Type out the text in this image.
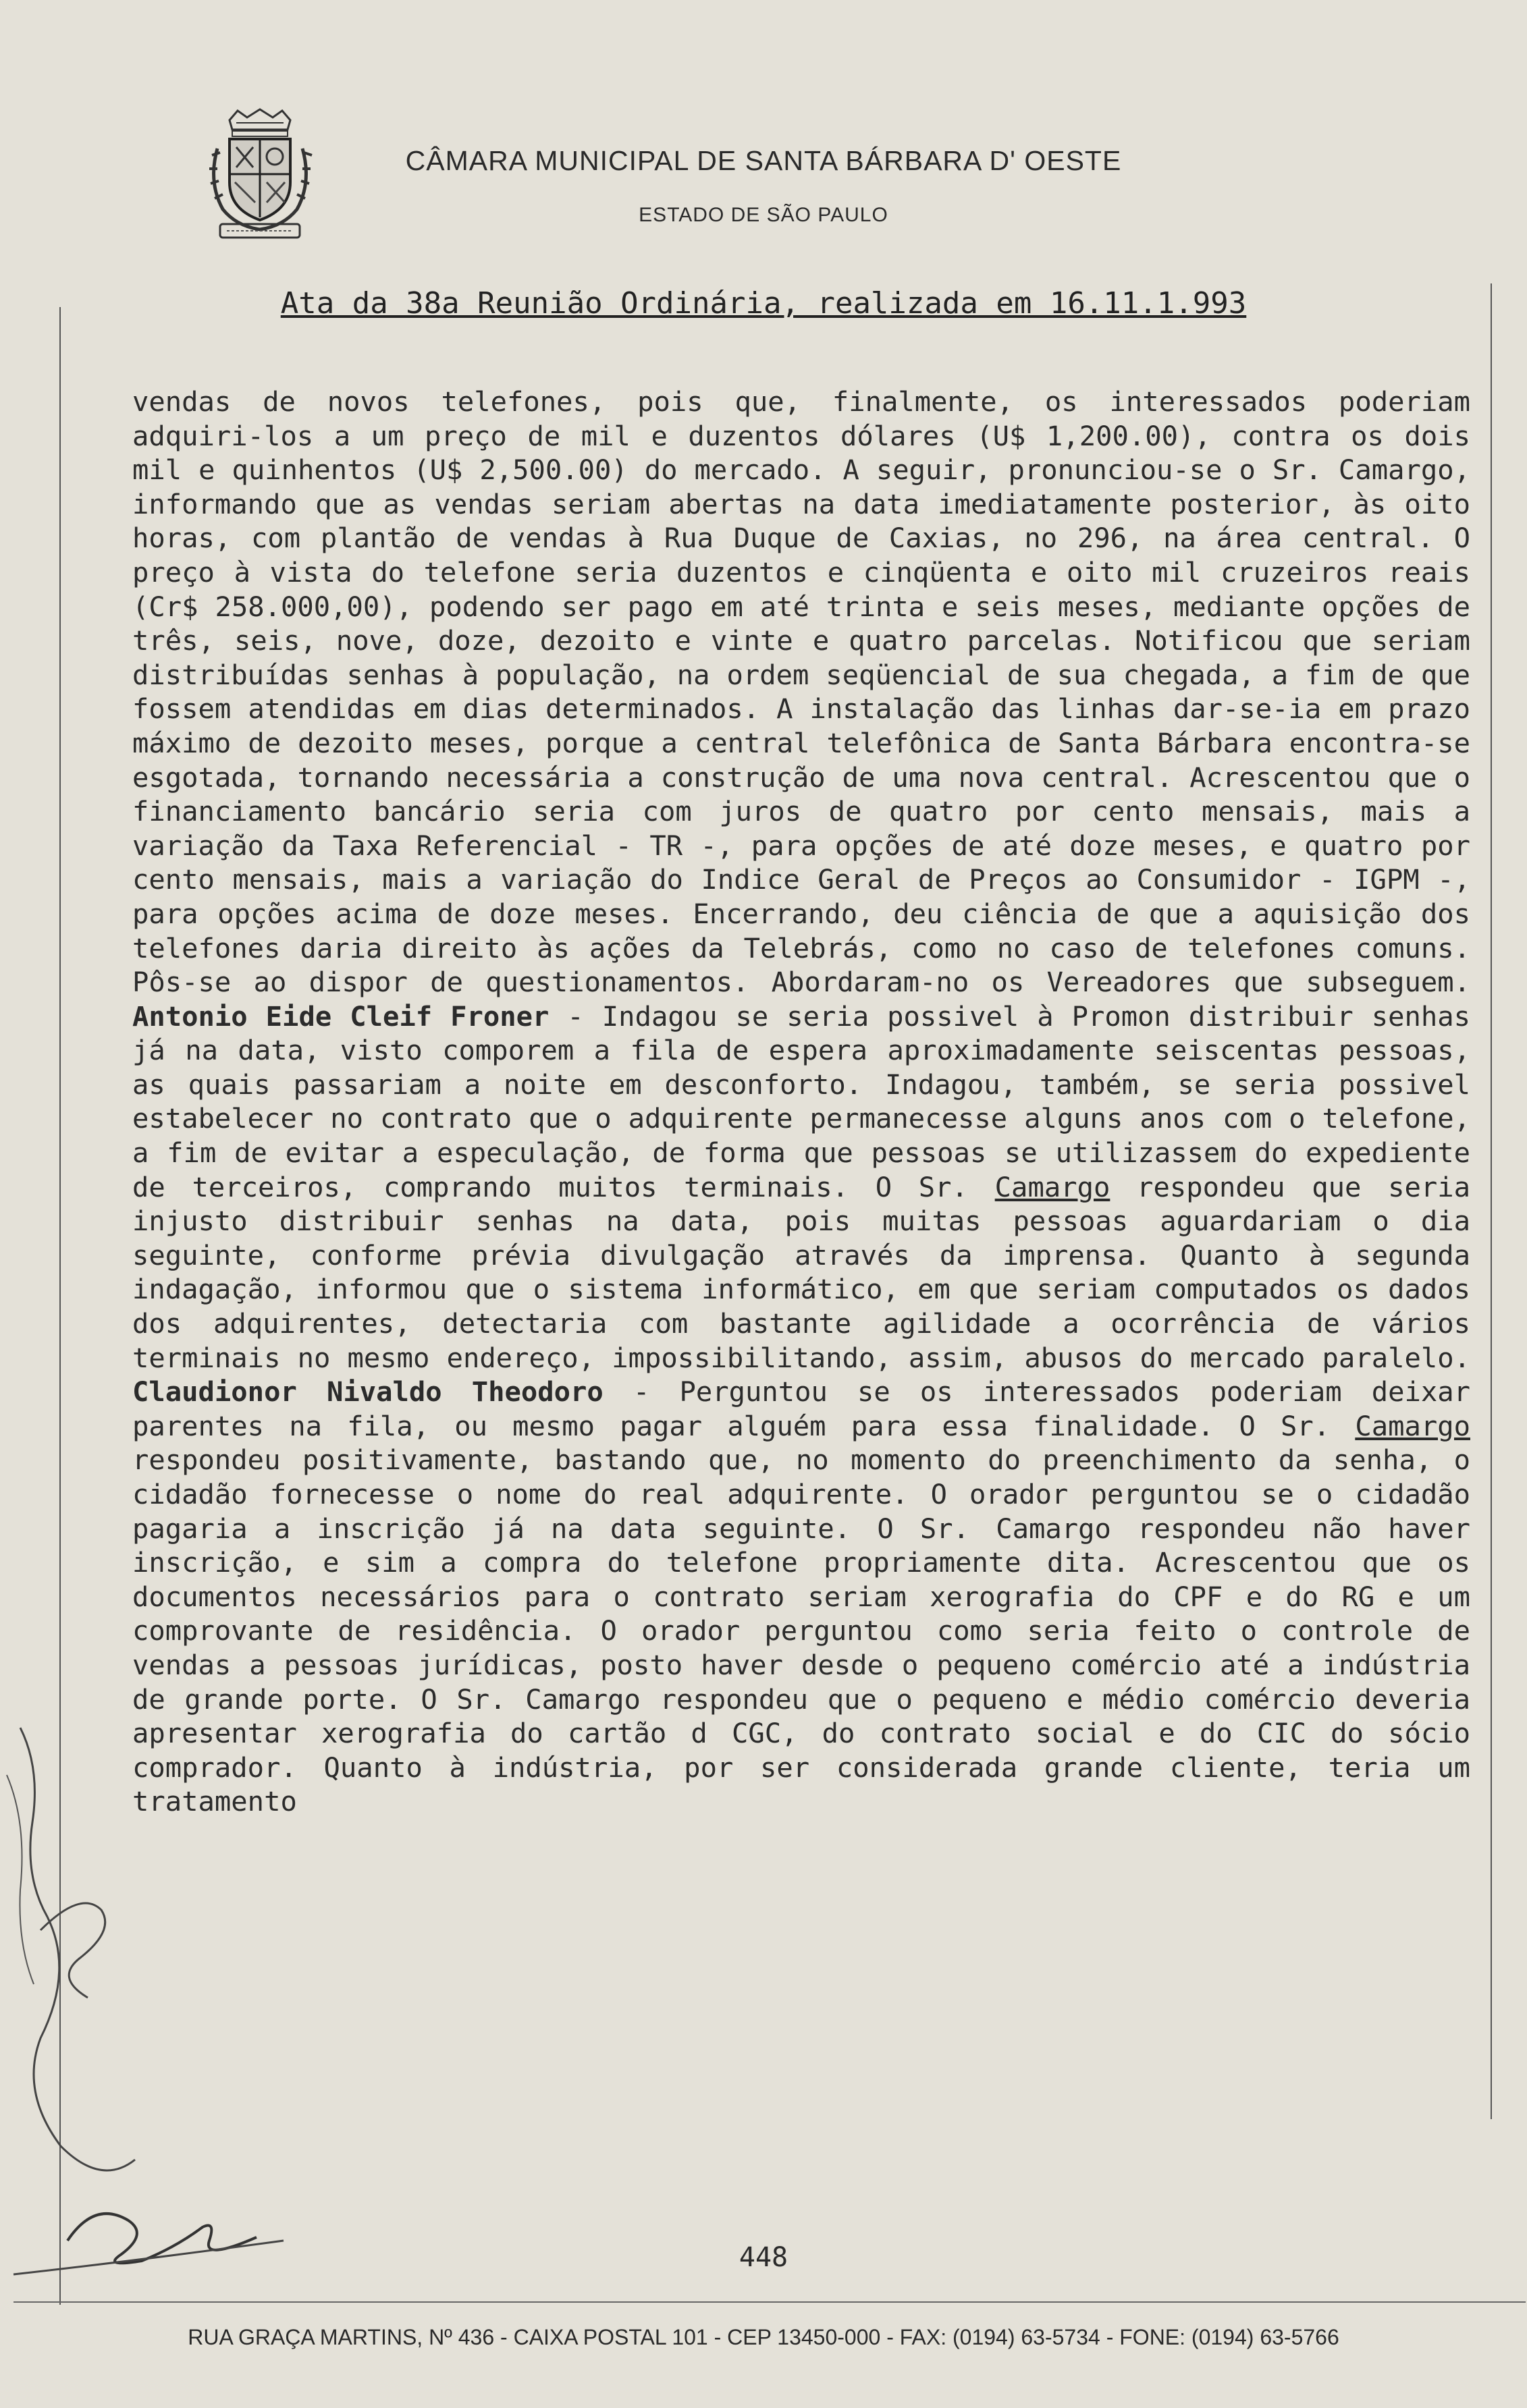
CÂMARA MUNICIPAL DE SANTA BÁRBARA D' OESTE
ESTADO DE SÃO PAULO
Ata da 38a Reunião Ordinária, realizada em 16.11.1.993
vendas de novos telefones, pois que, finalmente, os interessados poderiam adquiri-los a um preço de mil e duzentos dólares (U$ 1,200.00), contra os dois mil e quinhentos (U$ 2,500.00) do mercado. A seguir, pronunciou-se o Sr. Camargo, informando que as vendas seriam abertas na data imediatamente posterior, às oito horas, com plantão de vendas à Rua Duque de Caxias, no 296, na área central. O preço à vista do telefone seria duzentos e cinqüenta e oito mil cruzeiros reais (Cr$ 258.000,00), podendo ser pago em até trinta e seis meses, mediante opções de três, seis, nove, doze, dezoito e vinte e quatro parcelas. Notificou que seriam distribuídas senhas à população, na ordem seqüencial de sua chegada, a fim de que fossem atendidas em dias determinados. A instalação das linhas dar-se-ia em prazo máximo de dezoito meses, porque a central telefônica de Santa Bárbara encontra-se esgotada, tornando necessária a construção de uma nova central. Acrescentou que o financiamento bancário seria com juros de quatro por cento mensais, mais a variação da Taxa Referencial - TR -, para opções de até doze meses, e quatro por cento mensais, mais a variação do Indice Geral de Preços ao Consumidor - IGPM -, para opções acima de doze meses. Encerrando, deu ciência de que a aquisição dos telefones daria direito às ações da Telebrás, como no caso de telefones comuns. Pôs-se ao dispor de questionamentos. Abordaram-no os Vereadores que subseguem. Antonio Eide Cleif Froner - Indagou se seria possivel à Promon distribuir senhas já na data, visto comporem a fila de espera aproximadamente seiscentas pessoas, as quais passariam a noite em desconforto. Indagou, também, se seria possivel estabelecer no contrato que o adquirente permanecesse alguns anos com o telefone, a fim de evitar a especulação, de forma que pessoas se utilizassem do expediente de terceiros, comprando muitos terminais. O Sr. Camargo respondeu que seria injusto distribuir senhas na data, pois muitas pessoas aguardariam o dia seguinte, conforme prévia divulgação através da imprensa. Quanto à segunda indagação, informou que o sistema informático, em que seriam computados os dados dos adquirentes, detectaria com bastante agilidade a ocorrência de vários terminais no mesmo endereço, impossibilitando, assim, abusos do mercado paralelo. Claudionor Nivaldo Theodoro - Perguntou se os interessados poderiam deixar parentes na fila, ou mesmo pagar alguém para essa finalidade. O Sr. Camargo respondeu positivamente, bastando que, no momento do preenchimento da senha, o cidadão fornecesse o nome do real adquirente. O orador perguntou se o cidadão pagaria a inscrição já na data seguinte. O Sr. Camargo respondeu não haver inscrição, e sim a compra do telefone propriamente dita. Acrescentou que os documentos necessários para o contrato seriam xerografia do CPF e do RG e um comprovante de residência. O orador perguntou como seria feito o controle de vendas a pessoas jurídicas, posto haver desde o pequeno comércio até a indústria de grande porte. O Sr. Camargo respondeu que o pequeno e médio comércio deveria apresentar xerografia do cartão d CGC, do contrato social e do CIC do sócio comprador. Quanto à indústria, por ser considerada grande cliente, teria um tratamento
448
RUA GRAÇA MARTINS, Nº 436 - CAIXA POSTAL 101 - CEP 13450-000 - FAX: (0194) 63-5734 - FONE: (0194) 63-5766
